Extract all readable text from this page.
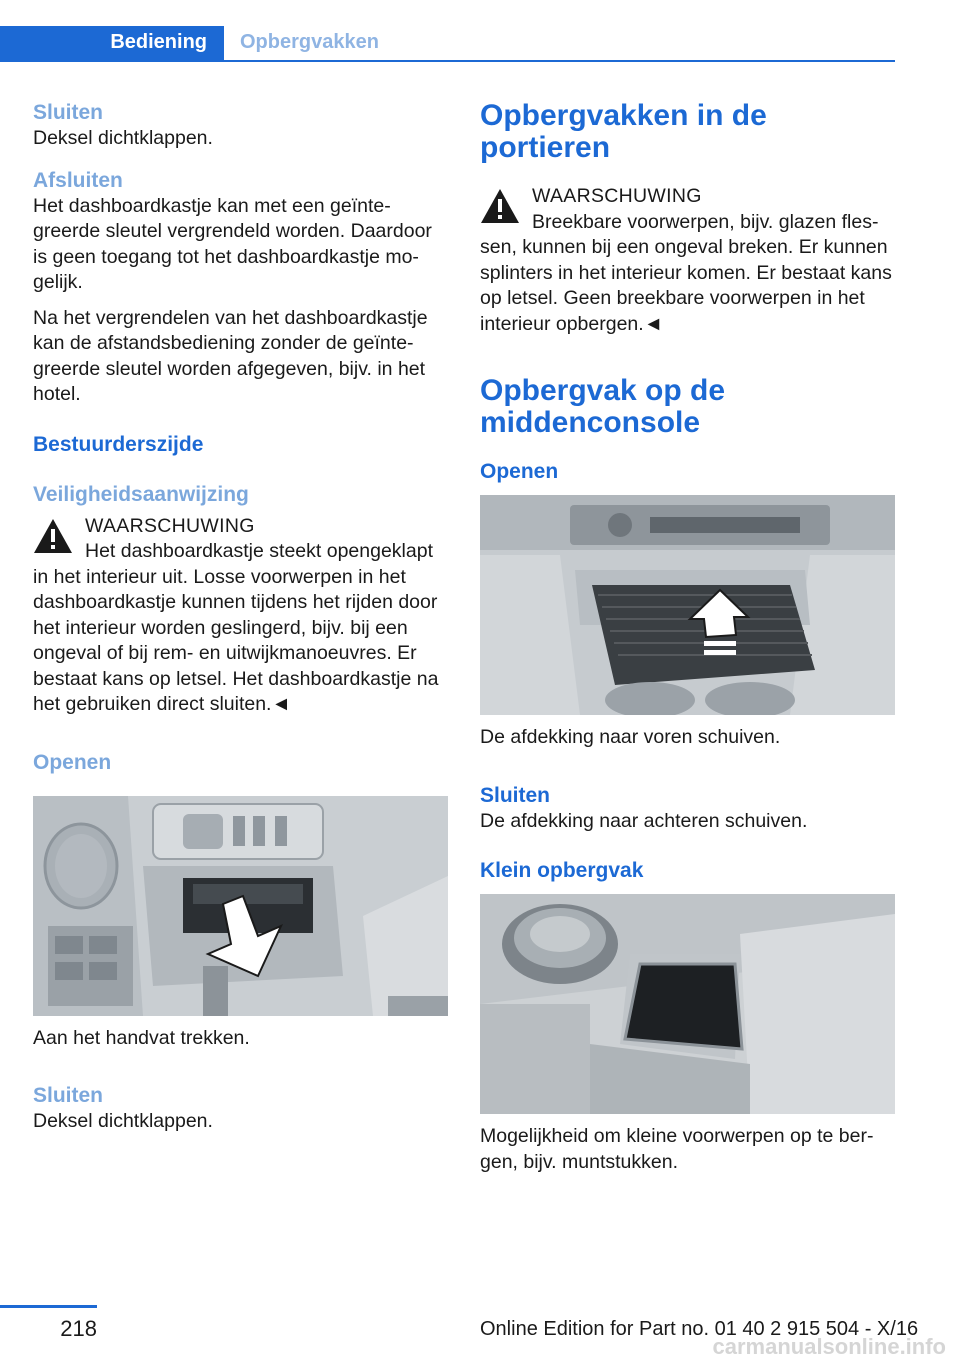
Bediening	Opbergvakken
Sluiten
Deksel dichtklappen.
Afsluiten
Het dashboardkastje kan met een geïnte-greerde sleutel vergrendeld worden. Daardoor is geen toegang tot het dashboardkastje mo-gelijk.
Na het vergrendelen van het dashboardkastje kan de afstandsbediening zonder de geïnte-greerde sleutel worden afgegeven, bijv. in het hotel.
Bestuurderszijde
Veiligheidsaanwijzing
WAARSCHUWING
Het dashboardkastje steekt opengeklapt in het interieur uit. Losse voorwerpen in het dashboardkastje kunnen tijdens het rijden door het interieur worden geslingerd, bijv. bij een ongeval of bij rem- en uitwijkmanoeuvres. Er bestaat kans op letsel. Het dashboardkastje na het gebruiken direct sluiten.◄
Openen
Aan het handvat trekken.
Sluiten
Deksel dichtklappen.
Opbergvakken in de portieren
WAARSCHUWING
Breekbare voorwerpen, bijv. glazen fles-sen, kunnen bij een ongeval breken. Er kunnen splinters in het interieur komen. Er bestaat kans op letsel. Geen breekbare voorwerpen in het interieur opbergen.◄
Opbergvak op de middenconsole
Openen
De afdekking naar voren schuiven.
Sluiten
De afdekking naar achteren schuiven.
Klein opbergvak
Mogelijkheid om kleine voorwerpen op te ber-gen, bijv. muntstukken.
218	Online Edition for Part no. 01 40 2 915 504 - X/16
carmanualsonline.info
